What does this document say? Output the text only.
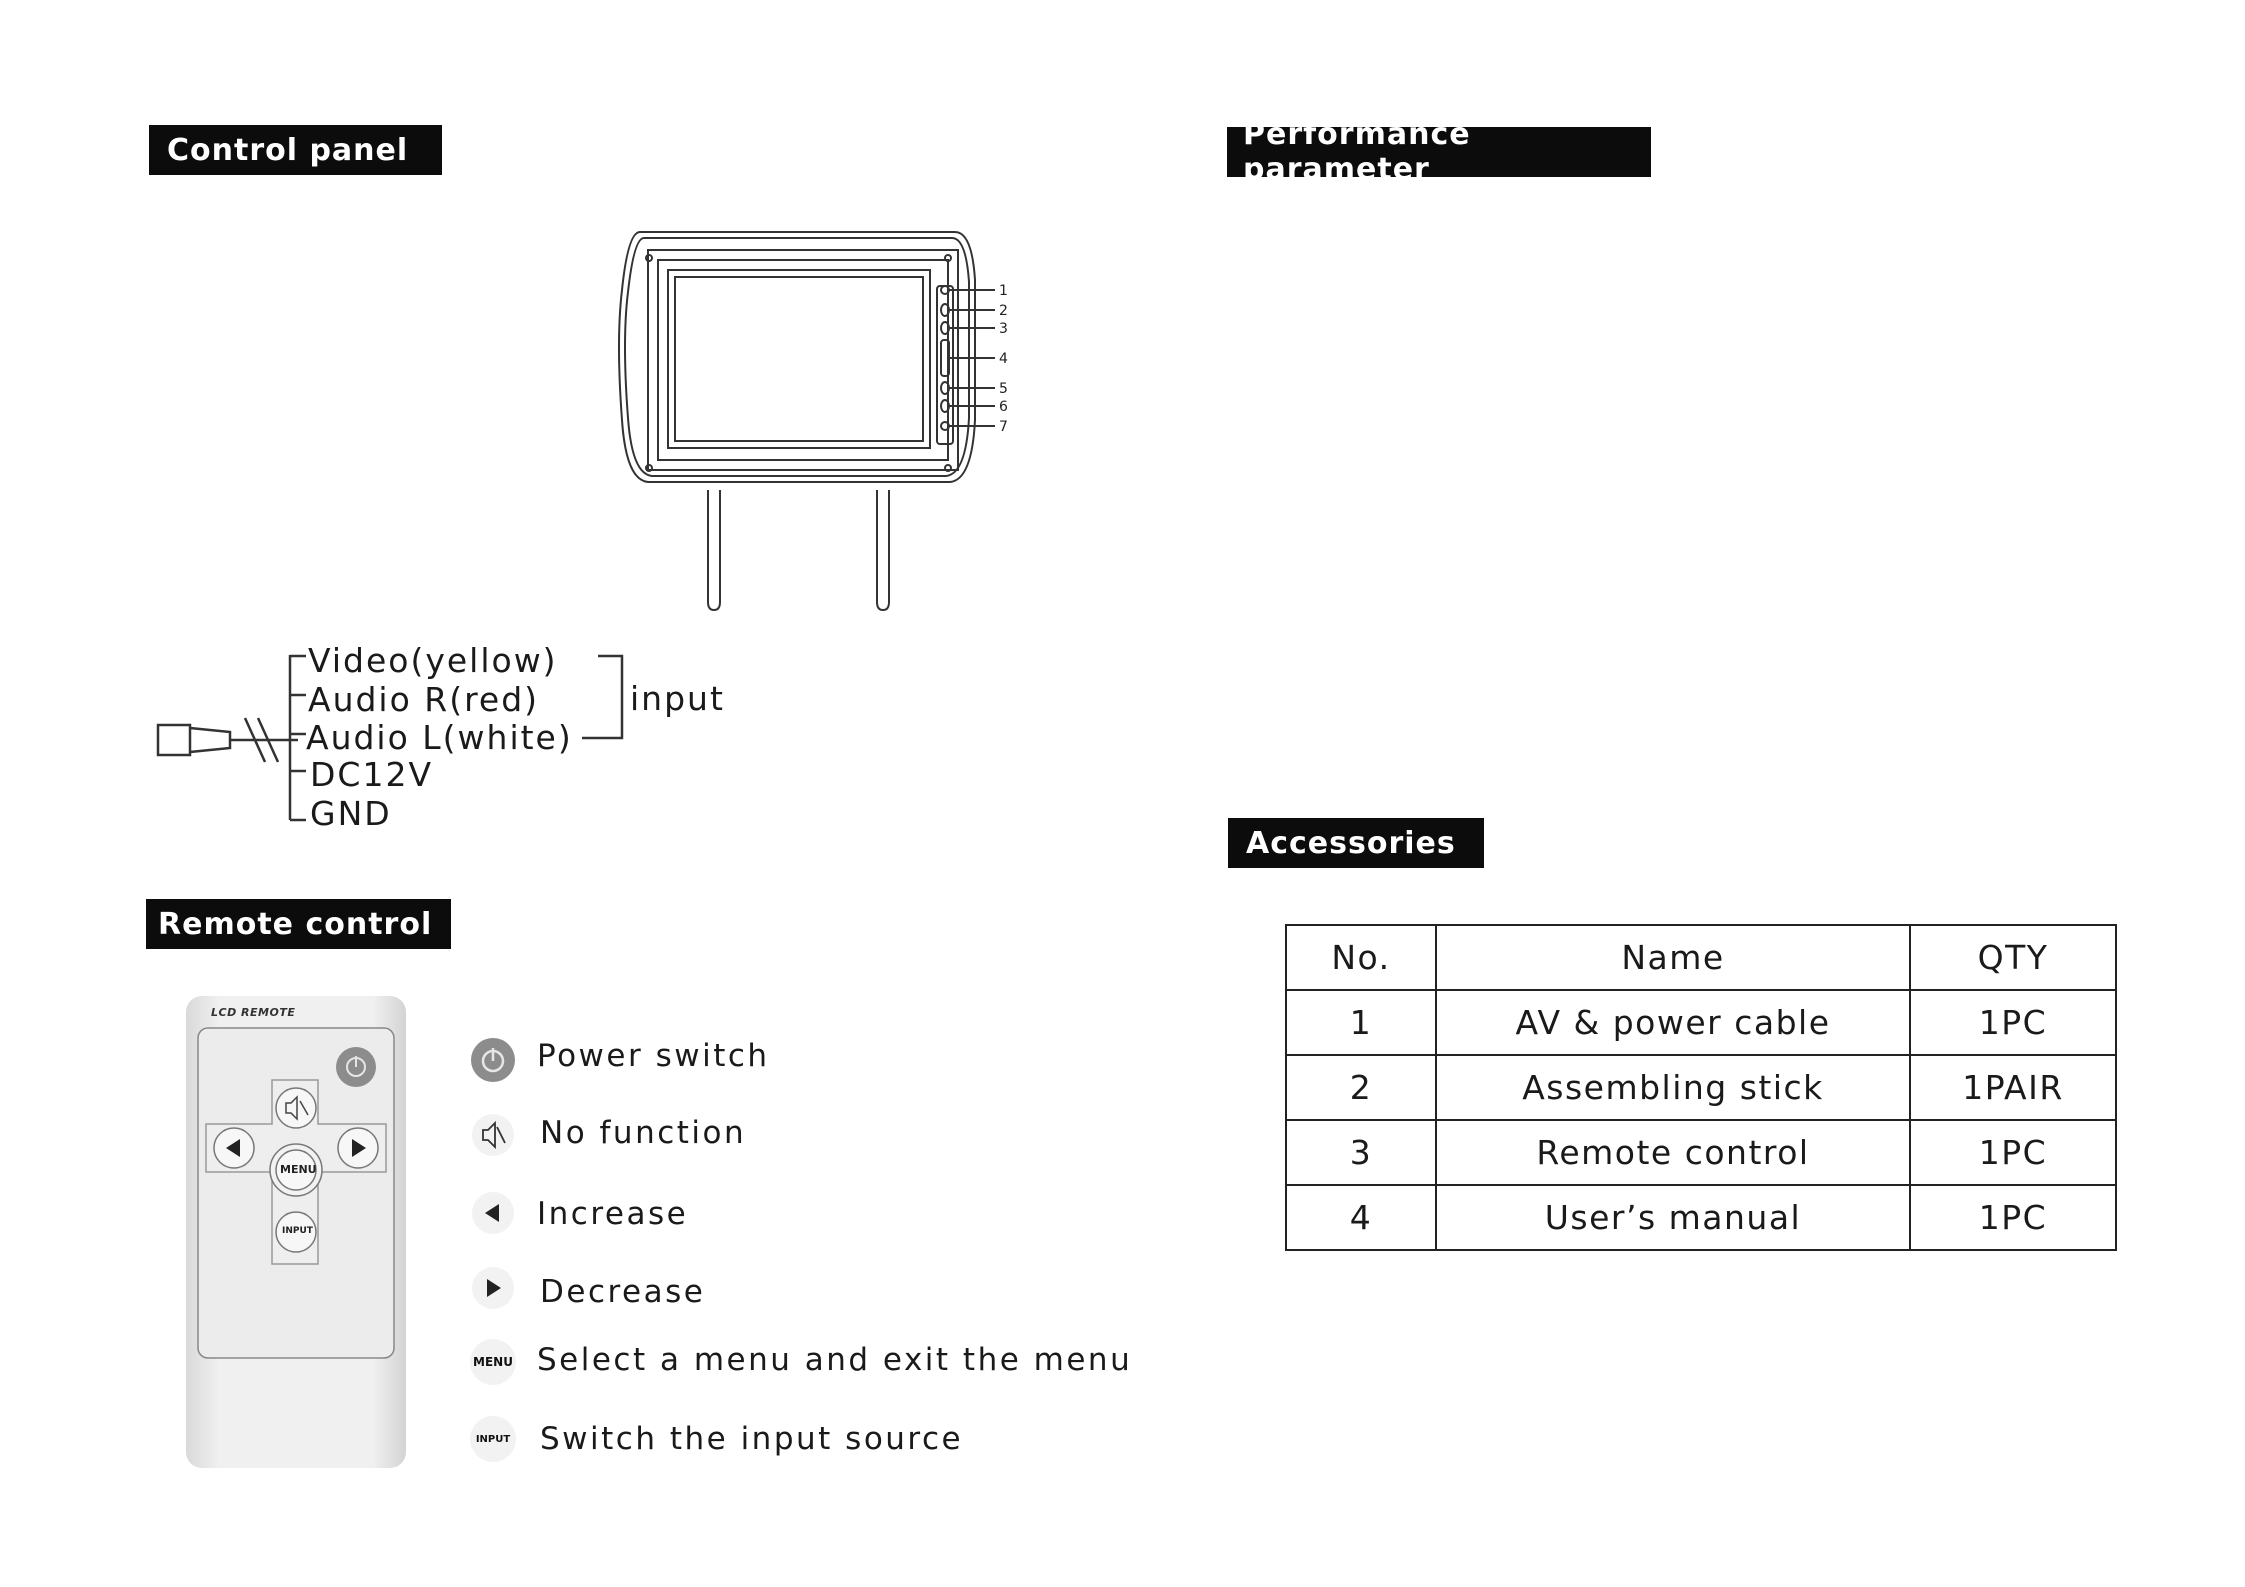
Control panel	Performance parameter
Remote control
Accessories
1
2
3
4
5
6
7
Video(yellow)
Audio R(red)
Audio L(white)
DC12V
GND
input
LCD REMOTE
MENU
INPUT
MENU
INPUT
Power switch
No function
Increase
Decrease
Select a menu and exit the menu
Switch the input source
No.	Name	QTY
1	AV & power cable	1PC
2	Assembling stick	1PAIR
3	Remote control	1PC
4	User’s manual	1PC
